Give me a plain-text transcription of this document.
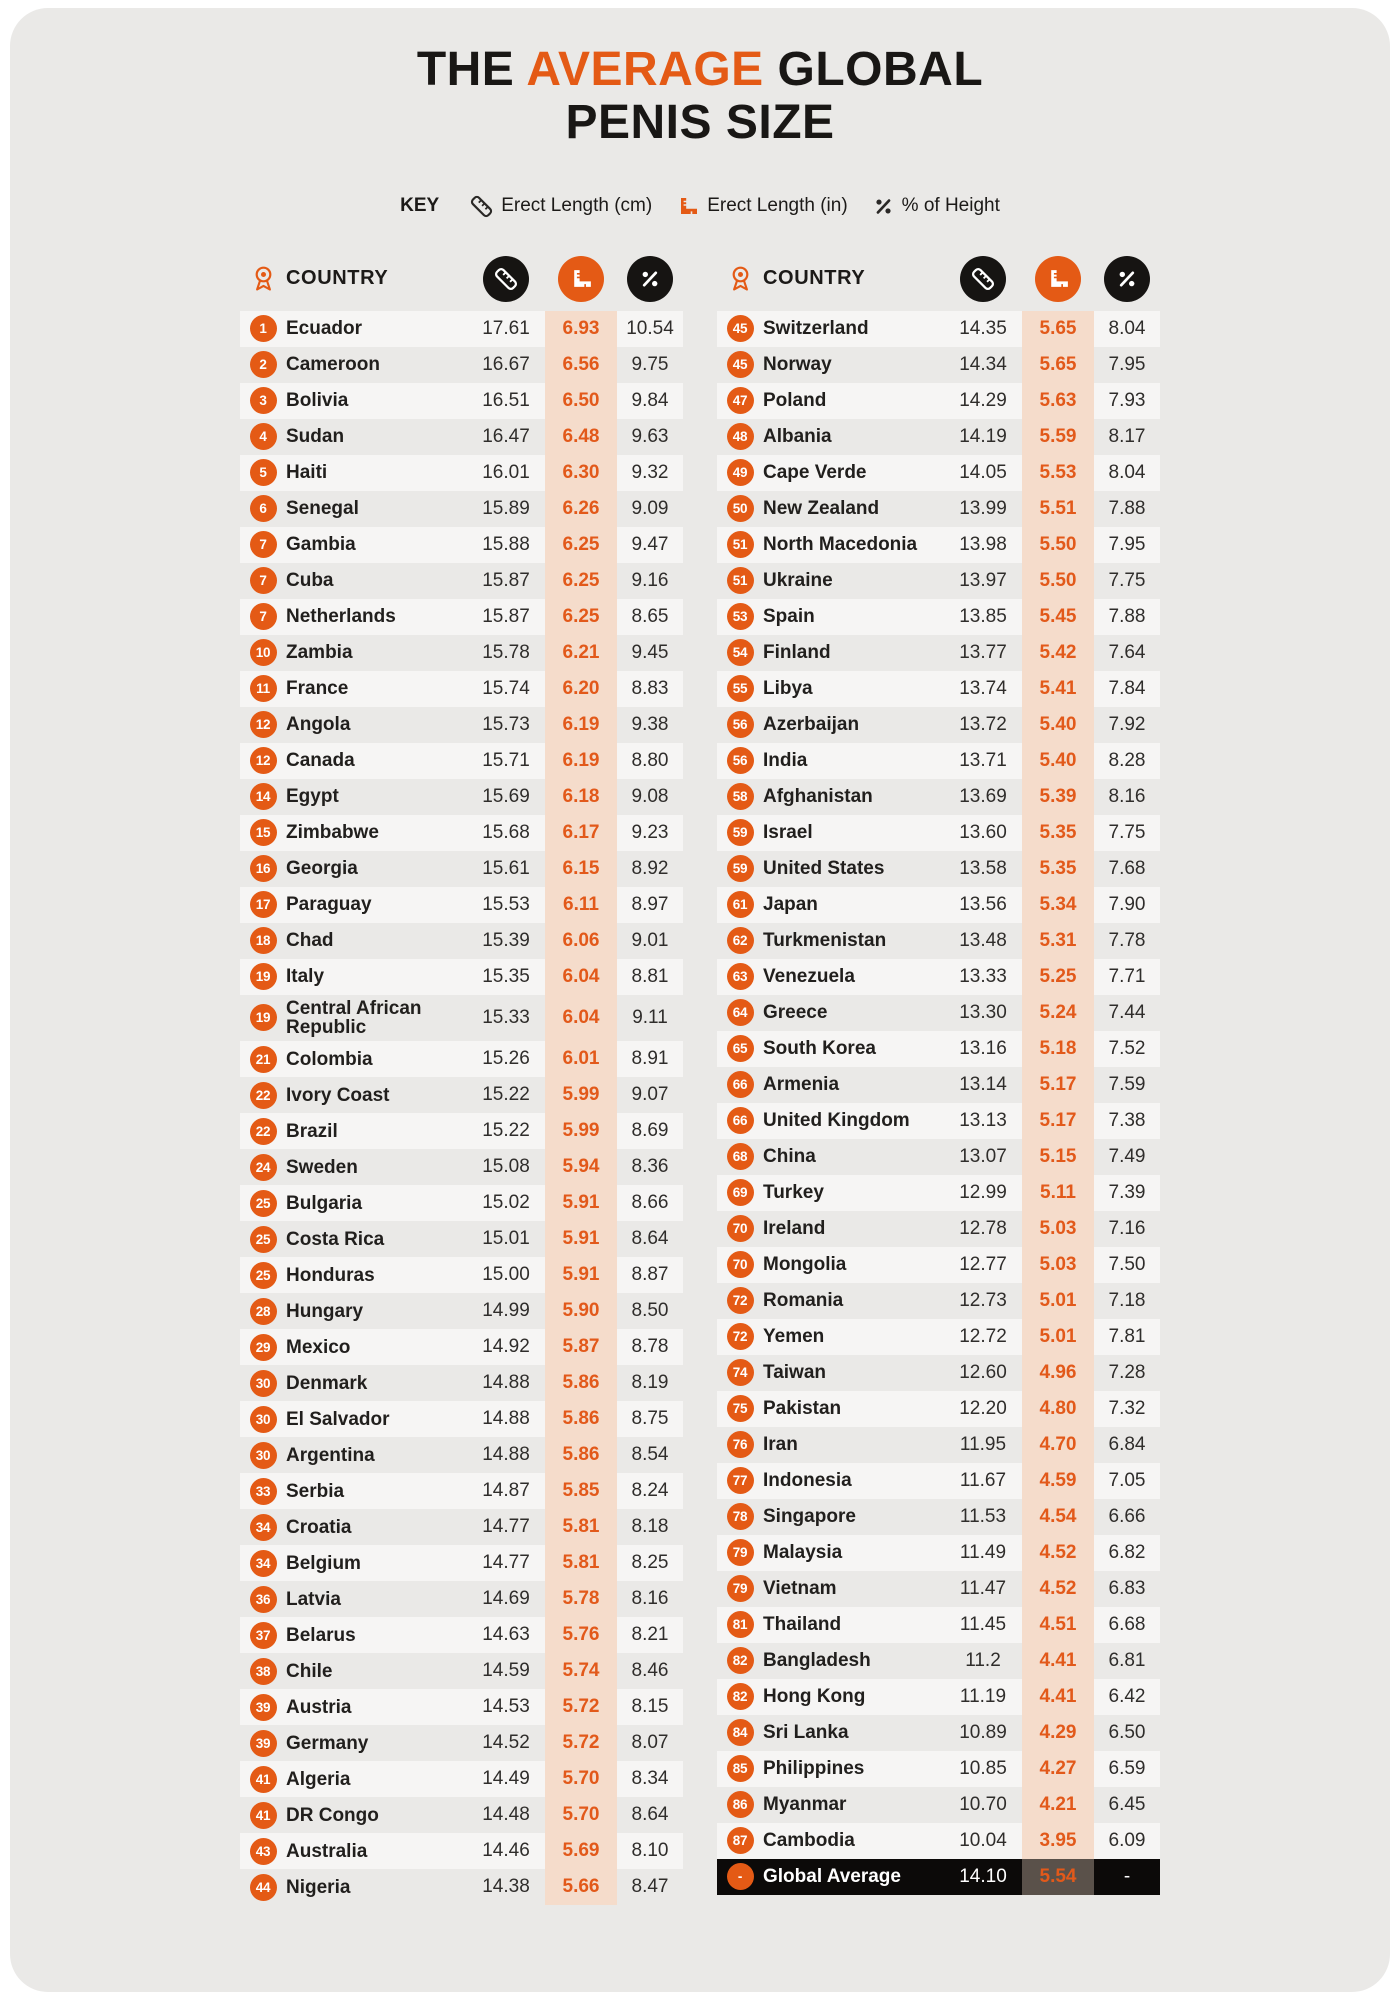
THE AVERAGE GLOBAL
PENIS SIZE
KEY	Erect Length (cm)	Erect Length (in)	% of Height
COUNTRY
1	Ecuador	17.61	6.93	10.54
2	Cameroon	16.67	6.56	9.75
3	Bolivia	16.51	6.50	9.84
4	Sudan	16.47	6.48	9.63
5	Haiti	16.01	6.30	9.32
6	Senegal	15.89	6.26	9.09
7	Gambia	15.88	6.25	9.47
7	Cuba	15.87	6.25	9.16
7	Netherlands	15.87	6.25	8.65
10 Zambia	15.78	6.21	9.45
11 France	15.74	6.20	8.83
12 Angola	15.73	6.19	9.38
12 Canada	15.71	6.19	8.80
14 Egypt	15.69	6.18	9.08
15 Zimbabwe	15.68	6.17	9.23
16 Georgia	15.61	6.15	8.92
17 Paraguay	15.53	6.11	8.97
18 Chad	15.39	6.06	9.01
19 Italy	15.35	6.04	8.81
19 Central African Republic	15.33	6.04	9.11
21 Colombia	15.26	6.01	8.91
22 Ivory Coast	15.22	5.99	9.07
22 Brazil	15.22	5.99	8.69
24 Sweden	15.08	5.94	8.36
25 Bulgaria	15.02	5.91	8.66
25 Costa Rica	15.01	5.91	8.64
25 Honduras	15.00	5.91	8.87
28 Hungary	14.99	5.90	8.50
29 Mexico	14.92	5.87	8.78
30 Denmark	14.88	5.86	8.19
30 El Salvador	14.88	5.86	8.75
30 Argentina	14.88	5.86	8.54
33 Serbia	14.87	5.85	8.24
34 Croatia	14.77	5.81	8.18
34 Belgium	14.77	5.81	8.25
36 Latvia	14.69	5.78	8.16
37 Belarus	14.63	5.76	8.21
38 Chile	14.59	5.74	8.46
39 Austria	14.53	5.72	8.15
39 Germany	14.52	5.72	8.07
41 Algeria	14.49	5.70	8.34
41 DR Congo	14.48	5.70	8.64
43 Australia	14.46	5.69	8.10
44 Nigeria	14.38	5.66	8.47
COUNTRY
45 Switzerland	14.35	5.65	8.04
45 Norway	14.34	5.65	7.95
47 Poland	14.29	5.63	7.93
48 Albania	14.19	5.59	8.17
49 Cape Verde	14.05	5.53	8.04
50 New Zealand	13.99	5.51	7.88
51 North Macedonia	13.98	5.50	7.95
51 Ukraine	13.97	5.50	7.75
53 Spain	13.85	5.45	7.88
54 Finland	13.77	5.42	7.64
55 Libya	13.74	5.41	7.84
56 Azerbaijan	13.72	5.40	7.92
56 India	13.71	5.40	8.28
58 Afghanistan	13.69	5.39	8.16
59 Israel	13.60	5.35	7.75
59 United States	13.58	5.35	7.68
61 Japan	13.56	5.34	7.90
62 Turkmenistan	13.48	5.31	7.78
63 Venezuela	13.33	5.25	7.71
64 Greece	13.30	5.24	7.44
65 South Korea	13.16	5.18	7.52
66 Armenia	13.14	5.17	7.59
66 United Kingdom	13.13	5.17	7.38
68 China	13.07	5.15	7.49
69 Turkey	12.99	5.11	7.39
70 Ireland	12.78	5.03	7.16
70 Mongolia	12.77	5.03	7.50
72 Romania	12.73	5.01	7.18
72 Yemen	12.72	5.01	7.81
74 Taiwan	12.60	4.96	7.28
75 Pakistan	12.20	4.80	7.32
76 Iran	11.95	4.70	6.84
77 Indonesia	11.67	4.59	7.05
78 Singapore	11.53	4.54	6.66
79 Malaysia	11.49	4.52	6.82
79 Vietnam	11.47	4.52	6.83
81 Thailand	11.45	4.51	6.68
82 Bangladesh	11.2	4.41	6.81
82 Hong Kong	11.19	4.41	6.42
84 Sri Lanka	10.89	4.29	6.50
85 Philippines	10.85	4.27	6.59
86 Myanmar	10.70	4.21	6.45
87 Cambodia	10.04	3.95	6.09
-	Global Average	14.10	5.54	-
